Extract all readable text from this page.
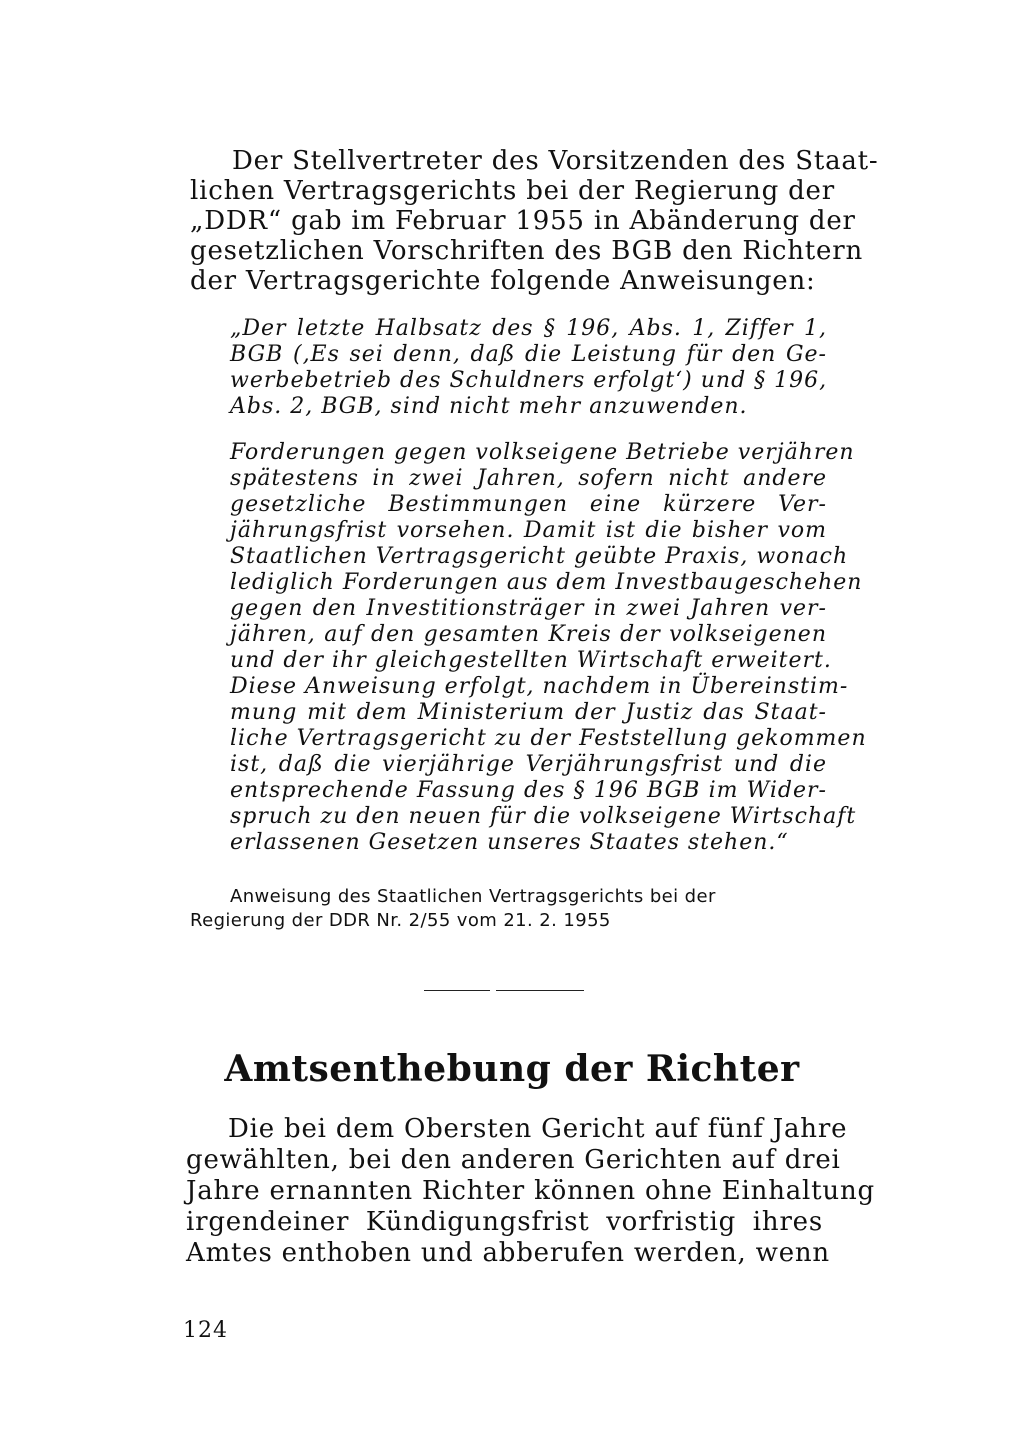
Der Stellvertreter des Vorsitzenden des Staat-

lichen Vertragsgerichts bei der Regierung der

„DDR“ gab im Februar 1955 in Abänderung der

gesetzlichen Vorschriften des BGB den Richtern

der Vertragsgerichte folgende Anweisungen:

„Der letzte Halbsatz des § 196, Abs. 1, Ziffer 1,

BGB (‚Es sei denn, daß die Leistung für den Ge-

werbebetrieb des Schuldners erfolgt‘) und § 196,

Abs. 2, BGB, sind nicht mehr anzuwenden.

Forderungen gegen volkseigene Betriebe verjähren

spätestens in zwei Jahren, sofern nicht andere

gesetzliche Bestimmungen eine kürzere Ver-

jährungsfrist vorsehen. Damit ist die bisher vom

Staatlichen Vertragsgericht geübte Praxis, wonach

lediglich Forderungen aus dem Investbaugeschehen

gegen den Investitionsträger in zwei Jahren ver-

jähren, auf den gesamten Kreis der volkseigenen

und der ihr gleichgestellten Wirtschaft erweitert.

Diese Anweisung erfolgt, nachdem in Übereinstim-

mung mit dem Ministerium der Justiz das Staat-

liche Vertragsgericht zu der Feststellung gekommen

ist, daß die vierjährige Verjährungsfrist und die

entsprechende Fassung des § 196 BGB im Wider-

spruch zu den neuen für die volkseigene Wirtschaft

erlassenen Gesetzen unseres Staates stehen.“

Anweisung des Staatlichen Vertragsgerichts bei der

Regierung der DDR Nr. 2/55 vom 21. 2. 1955

Amtsenthebung der Richter

Die bei dem Obersten Gericht auf fünf Jahre

gewählten, bei den anderen Gerichten auf drei

Jahre ernannten Richter können ohne Einhaltung

irgendeiner Kündigungsfrist vorfristig ihres

Amtes enthoben und abberufen werden, wenn

124
